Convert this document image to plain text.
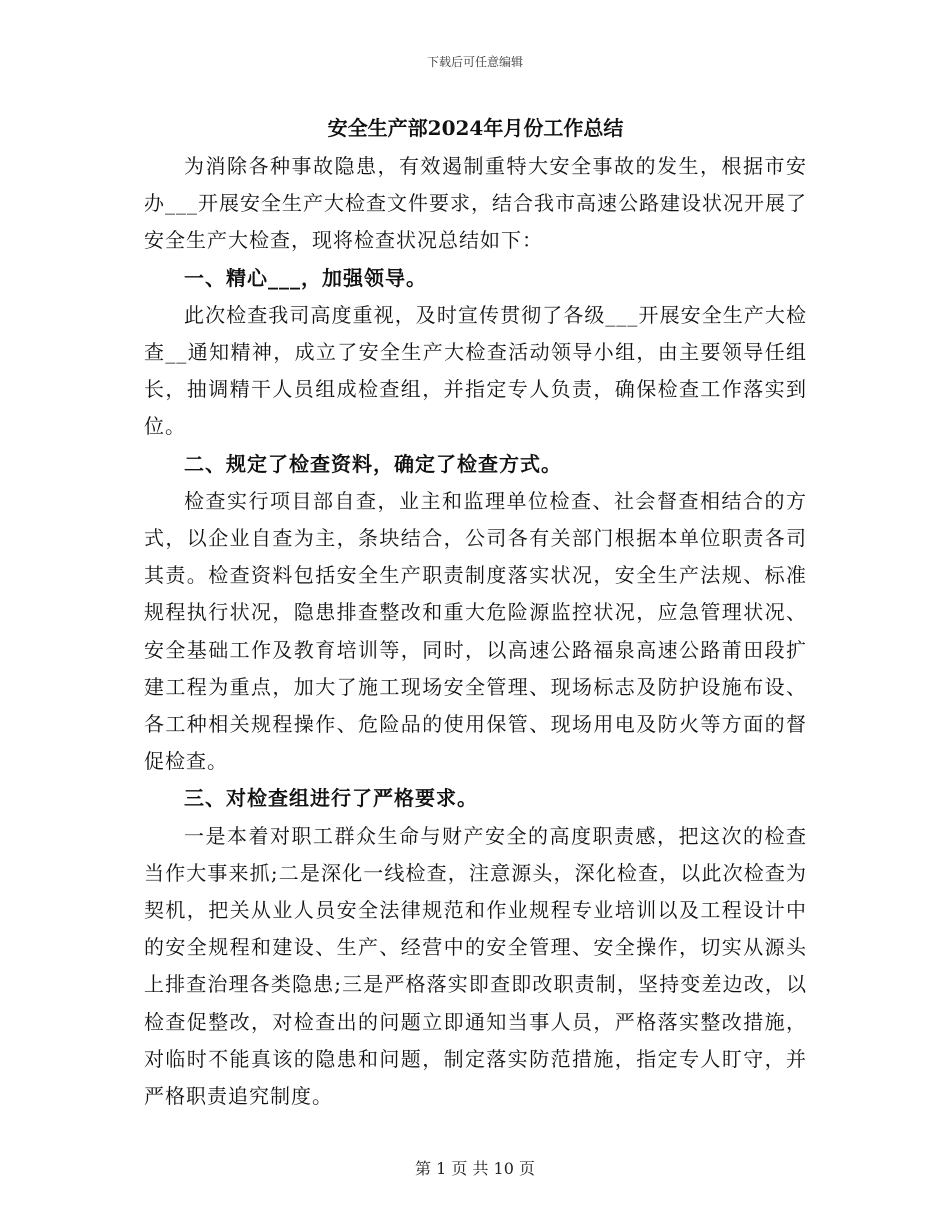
下载后可任意编辑
安全生产部2024年月份工作总结

为消除各种事故隐患，有效遏制重特大安全事故的发生，根据市安办___开展安全生产大检查文件要求，结合我市高速公路建设状况开展了安全生产大检查，现将检查状况总结如下：

一、精心___，加强领导。

此次检查我司高度重视，及时宣传贯彻了各级___开展安全生产大检查__通知精神，成立了安全生产大检查活动领导小组，由主要领导任组长，抽调精干人员组成检查组，并指定专人负责，确保检查工作落实到位。

二、规定了检查资料，确定了检查方式。

检查实行项目部自查，业主和监理单位检查、社会督查相结合的方式，以企业自查为主，条块结合，公司各有关部门根据本单位职责各司其责。检查资料包括安全生产职责制度落实状况，安全生产法规、标准规程执行状况，隐患排查整改和重大危险源监控状况，应急管理状况、安全基础工作及教育培训等，同时，以高速公路福泉高速公路莆田段扩建工程为重点，加大了施工现场安全管理、现场标志及防护设施布设、各工种相关规程操作、危险品的使用保管、现场用电及防火等方面的督促检查。

三、对检查组进行了严格要求。

一是本着对职工群众生命与财产安全的高度职责感，把这次的检查当作大事来抓;二是深化一线检查，注意源头，深化检查，以此次检查为契机，把关从业人员安全法律规范和作业规程专业培训以及工程设计中的安全规程和建设、生产、经营中的安全管理、安全操作，切实从源头上排查治理各类隐患;三是严格落实即查即改职责制，坚持变差边改，以检查促整改，对检查出的问题立即通知当事人员，严格落实整改措施，对临时不能真该的隐患和问题，制定落实防范措施，指定专人盯守，并严格职责追究制度。

第 1 页 共 10 页
